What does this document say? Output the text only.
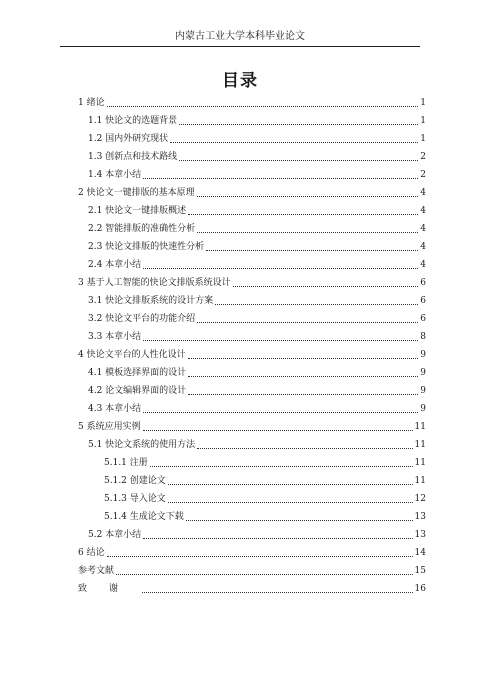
内蒙古工业大学本科毕业论文
目录
1 绪论	1
1.1 快论文的选题背景	1
1.2 国内外研究现状	1
1.3 创新点和技术路线	2
1.4 本章小结	2
2 快论文一键排版的基本原理	4
2.1 快论文一键排版概述	4
2.2 智能排版的准确性分析	4
2.3 快论文排版的快速性分析	4
2.4 本章小结	4
3 基于人工智能的快论文排版系统设计	6
3.1 快论文排版系统的设计方案	6
3.2 快论文平台的功能介绍	6
3.3 本章小结	8
4 快论文平台的人性化设计	9
4.1 模板选择界面的设计	9
4.2 论文编辑界面的设计	9
4.3 本章小结	9
5 系统应用实例	11
5.1 快论文系统的使用方法	11
5.1.1 注册	11
5.1.2 创建论文	11
5.1.3 导入论文	12
5.1.4 生成论文下载	13
5.2 本章小结	13
6 结论	14
参考文献	15
致谢	16
